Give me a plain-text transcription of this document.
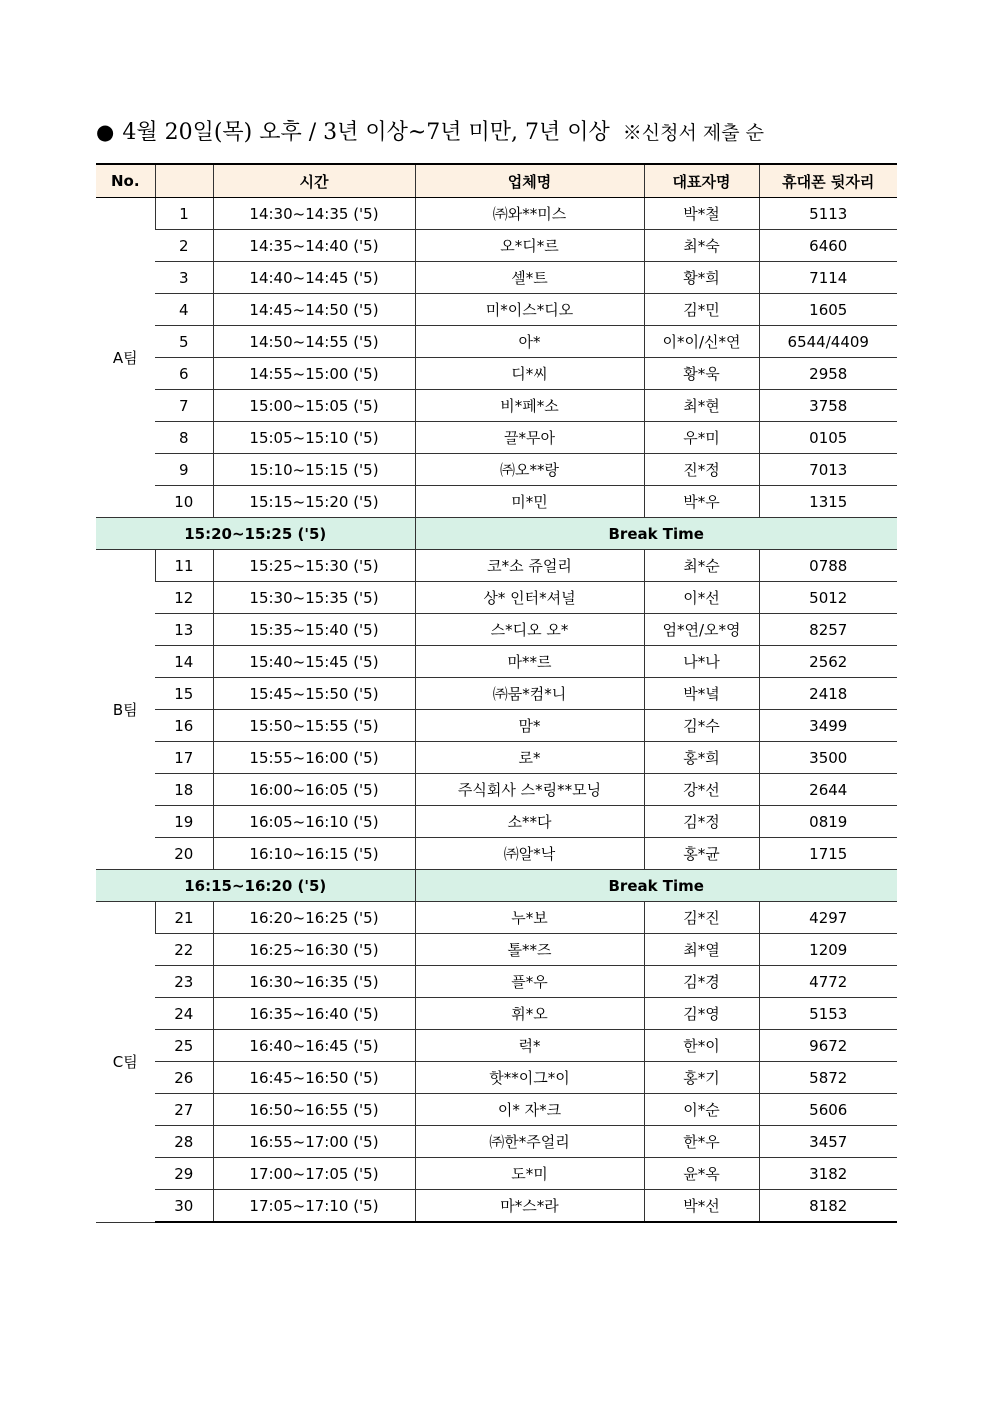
● 4월 20일(목) 오후 / 3년 이상~7년 미만, 7년 이상 ※신청서 제출 순
No.		시간	업체명	대표자명	휴대폰 뒷자리
A팀	1	14:30~14:35 ('5)	㈜와**미스	박*철	5113
	2	14:35~14:40 ('5)	오*디*르	최*숙	6460
	3	14:40~14:45 ('5)	셀*트	황*희	7114
	4	14:45~14:50 ('5)	미*이스*디오	김*민	1605
	5	14:50~14:55 ('5)	아*	이*이/신*연	6544/4409
	6	14:55~15:00 ('5)	디*씨	황*욱	2958
	7	15:00~15:05 ('5)	비*페*소	최*현	3758
	8	15:05~15:10 ('5)	끌*무아	우*미	0105
	9	15:10~15:15 ('5)	㈜오**랑	진*정	7013
	10	15:15~15:20 ('5)	미*민	박*우	1315
15:20~15:25 ('5)			Break Time		
B팀	11	15:25~15:30 ('5)	코*소 쥬얼리	최*순	0788
	12	15:30~15:35 ('5)	상* 인터*셔널	이*선	5012
	13	15:35~15:40 ('5)	스*디오 오*	엄*연/오*영	8257
	14	15:40~15:45 ('5)	마**르	나*나	2562
	15	15:45~15:50 ('5)	㈜뭄*컴*니	박*녘	2418
	16	15:50~15:55 ('5)	맘*	김*수	3499
	17	15:55~16:00 ('5)	로*	홍*희	3500
	18	16:00~16:05 ('5)	주식회사 스*링**모닝	강*선	2644
	19	16:05~16:10 ('5)	소**다	김*정	0819
	20	16:10~16:15 ('5)	㈜알*낙	홍*균	1715
16:15~16:20 ('5)			Break Time		
C팀	21	16:20~16:25 ('5)	누*보	김*진	4297
	22	16:25~16:30 ('5)	톨**즈	최*열	1209
	23	16:30~16:35 ('5)	플*우	김*경	4772
	24	16:35~16:40 ('5)	휘*오	김*영	5153
	25	16:40~16:45 ('5)	럭*	한*이	9672
	26	16:45~16:50 ('5)	핫**이그*이	홍*기	5872
	27	16:50~16:55 ('5)	이* 자*크	이*순	5606
	28	16:55~17:00 ('5)	㈜한*주얼리	한*우	3457
	29	17:00~17:05 ('5)	도*미	윤*옥	3182
	30	17:05~17:10 ('5)	마*스*라	박*선	8182
